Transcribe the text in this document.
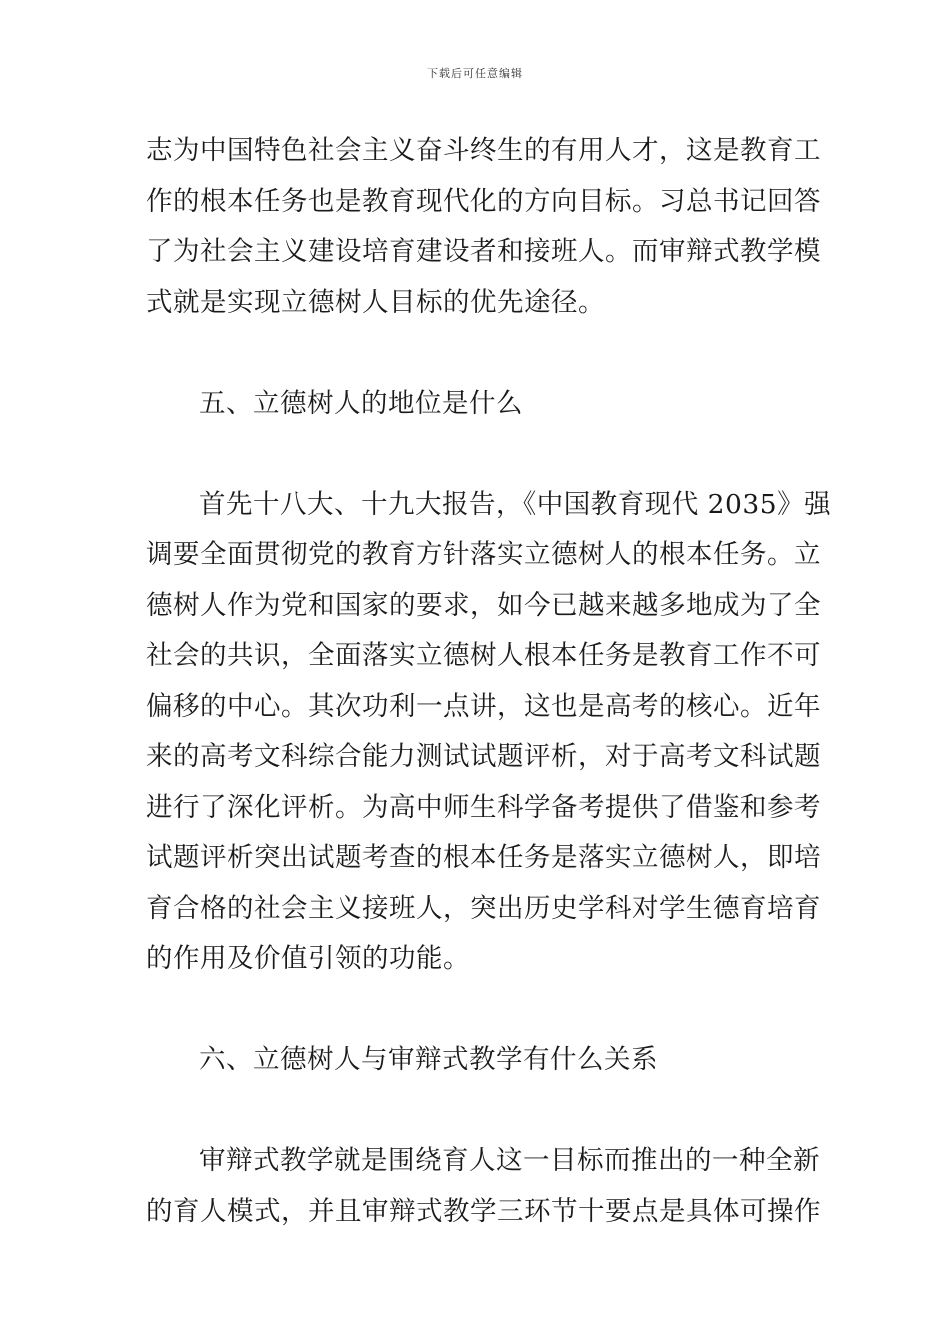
下载后可任意编辑
志为中国特色社会主义奋斗终生的有用人才，这是教育工
作的根本任务也是教育现代化的方向目标。习总书记回答
了为社会主义建设培育建设者和接班人。而审辩式教学模
式就是实现立德树人目标的优先途径。
五、立德树人的地位是什么
首先十八大、十九大报告，《中国教育现代 2035》强
调要全面贯彻党的教育方针落实立德树人的根本任务。立
德树人作为党和国家的要求，如今已越来越多地成为了全
社会的共识，全面落实立德树人根本任务是教育工作不可
偏移的中心。其次功利一点讲，这也是高考的核心。近年
来的高考文科综合能力测试试题评析，对于高考文科试题
进行了深化评析。为高中师生科学备考提供了借鉴和参考
试题评析突出试题考查的根本任务是落实立德树人，即培
育合格的社会主义接班人，突出历史学科对学生德育培育
的作用及价值引领的功能。
六、立德树人与审辩式教学有什么关系
审辩式教学就是围绕育人这一目标而推出的一种全新
的育人模式，并且审辩式教学三环节十要点是具体可操作
